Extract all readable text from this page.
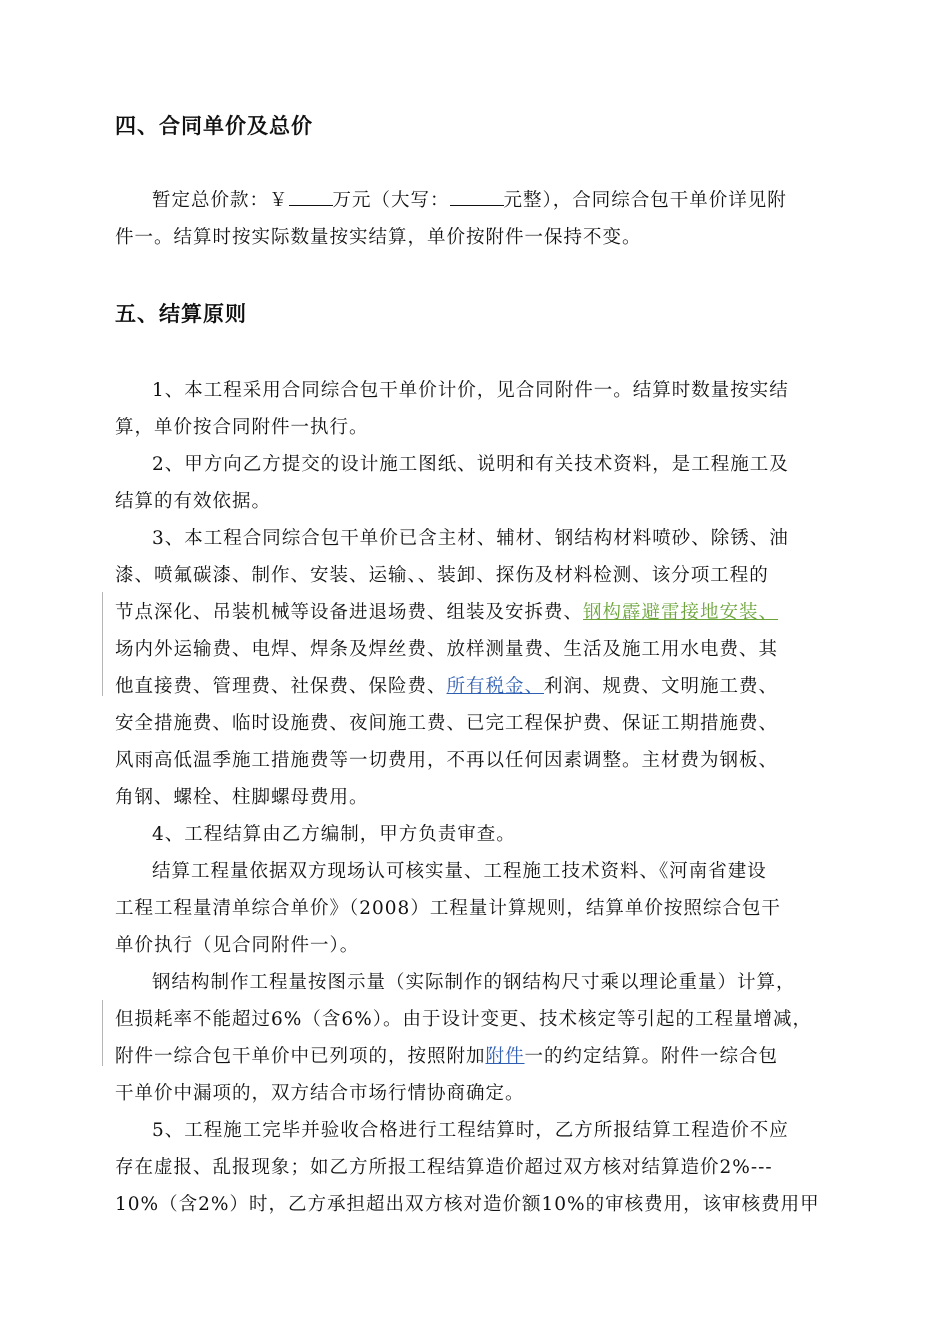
四、合同单价及总价
暂定总价款：￥ 万元（大写：	元整），合同综合包干单价详见附
件一。结算时按实际数量按实结算，单价按附件一保持不变。
五、结算原则
1、本工程采用合同综合包干单价计价，见合同附件一。结算时数量按实结
算，单价按合同附件一执行。
2、甲方向乙方提交的设计施工图纸、说明和有关技术资料，是工程施工及
结算的有效依据。
3、本工程合同综合包干单价已含主材、辅材、钢结构材料喷砂、除锈、油
漆、喷氟碳漆、制作、安装、运输、、装卸、探伤及材料检测、该分项工程的
节点深化、吊装机械等设备进退场费、组装及安拆费、钢构霹避雷接地安装、
场内外运输费、电焊、焊条及焊丝费、放样测量费、生活及施工用水电费、其
他直接费、管理费、社保费、保险费、所有税金、利润、规费、文明施工费、
安全措施费、临时设施费、夜间施工费、已完工程保护费、保证工期措施费、
风雨高低温季施工措施费等一切费用，不再以任何因素调整。主材费为钢板、
角钢、螺栓、柱脚螺母费用。
4、工程结算由乙方编制，甲方负责审查。
结算工程量依据双方现场认可核实量、工程施工技术资料、《河南省建设
工程工程量清单综合单价》（2008）工程量计算规则，结算单价按照综合包干
单价执行（见合同附件一）。
钢结构制作工程量按图示量（实际制作的钢结构尺寸乘以理论重量）计算，
但损耗率不能超过6%（含6%）。由于设计变更、技术核定等引起的工程量增减，
附件一综合包干单价中已列项的，按照附加附件一的约定结算。附件一综合包
干单价中漏项的，双方结合市场行情协商确定。
5、工程施工完毕并验收合格进行工程结算时，乙方所报结算工程造价不应
存在虚报、乱报现象；如乙方所报工程结算造价超过双方核对结算造价2%---
10%（含2%）时，乙方承担超出双方核对造价额10%的审核费用，该审核费用甲
